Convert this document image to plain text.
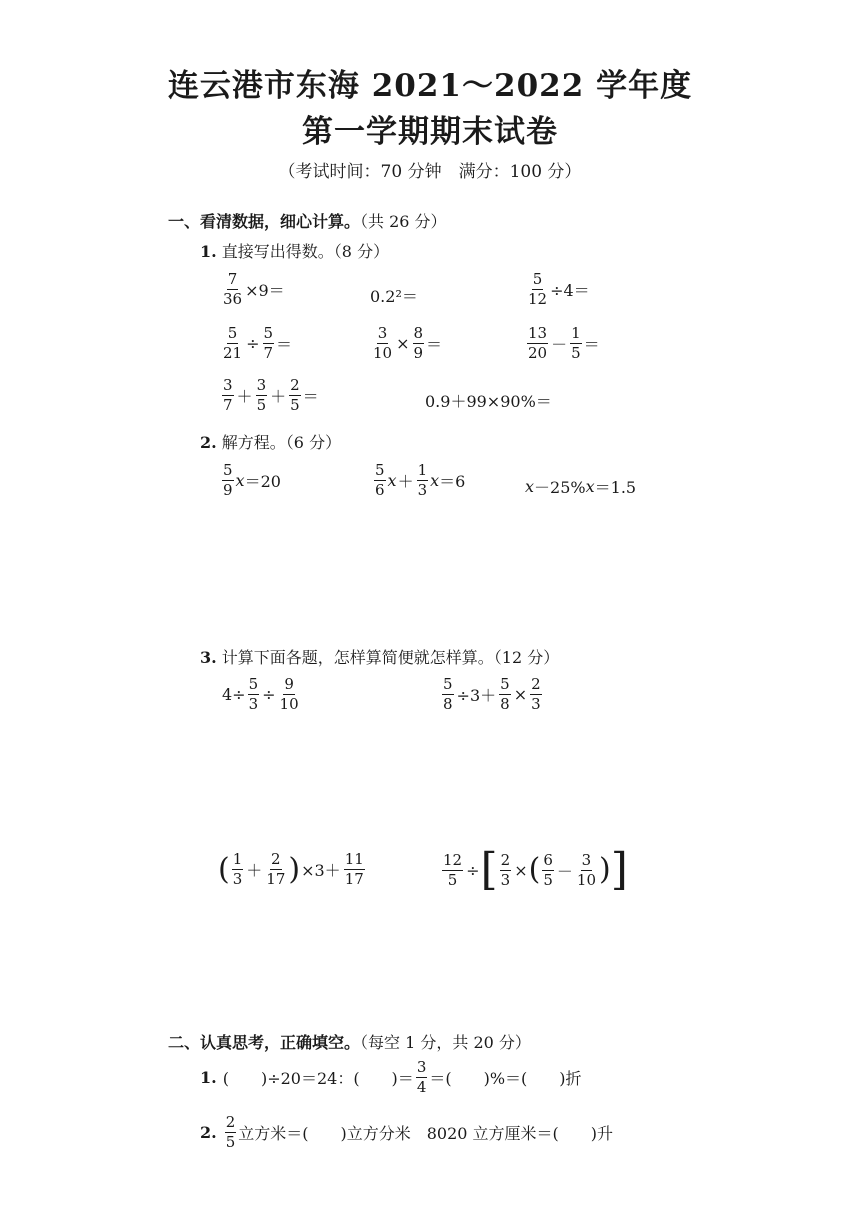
连云港市东海 2021～2022 学年度
第一学期期末试卷
（考试时间：70 分钟　满分：100 分）
一、看清数据，细心计算。（共 26 分）
1. 直接写出得数。（8 分）
$\frac{7}{36} \times 9=$	0.2²＝	$\frac{5}{12} \div 4=$
$\frac{5}{21} \div \frac{5}{7}$ ＝	$\frac{3}{10} \times \frac{8}{9}$ ＝	$\frac{13}{20} - \frac{1}{5}$ ＝
$\frac{3}{7} + \frac{3}{5} + \frac{2}{5}$ ＝	0.9＋99×90%＝
2. 解方程。（6 分）
$\frac{5}{9}$ x ＝20	$\frac{5}{6}$ $x + \frac{1}{3}$ x ＝6	x －25% x ＝1.5
3. 计算下面各题，怎样算简便就怎样算。（12 分）
$4\div \frac{5}{3} \div \frac{9}{10}$	$\frac{5}{8} \div 3+ \frac{5}{8} \times \frac{2}{3}$
( $\frac{1}{3} + \frac{2}{17}$ ) $\times 3+ \frac{11}{17}$	$\frac{12}{5}$ ÷ [ $\frac{2}{3}$ × ( $\frac{6}{5} - \frac{3}{10}$ ) ]
二、认真思考，正确填空。（每空 1 分，共 20 分）
1. (　　)÷20＝24：(　　)＝ $\frac{3}{4}$ ＝(　　)%＝(　　)折
2. $\frac{2}{5}$ 立方米＝(　　)立方分米　8020 立方厘米＝(　　)升
